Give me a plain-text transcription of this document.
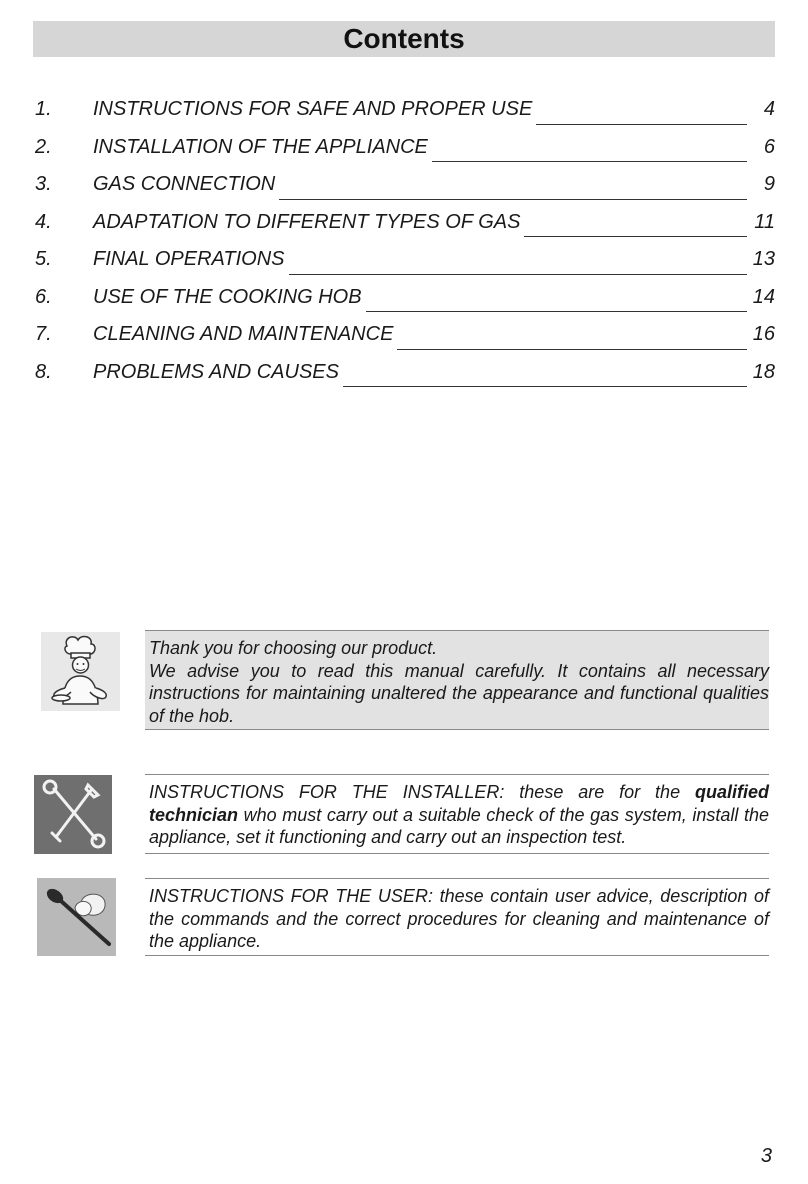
Contents
1.	INSTRUCTIONS FOR SAFE AND PROPER USE	4
2.	INSTALLATION OF THE APPLIANCE	6
3.	GAS CONNECTION	9
4.	ADAPTATION TO DIFFERENT TYPES OF GAS	11
5.	FINAL OPERATIONS	13
6.	USE OF THE COOKING HOB	14
7.	CLEANING AND MAINTENANCE	16
8.	PROBLEMS AND CAUSES	18

Thank you for choosing our product.

We advise you to read this manual carefully. It contains all necessary instructions for maintaining unaltered the appearance and functional qualities of the hob.

INSTRUCTIONS FOR THE INSTALLER: these are for the qualified technician who must carry out a suitable check of the gas system, install the appliance, set it functioning and carry out an inspection test.

INSTRUCTIONS FOR THE USER: these contain user advice, description of the commands and the correct procedures for cleaning and maintenance of the appliance.

3
